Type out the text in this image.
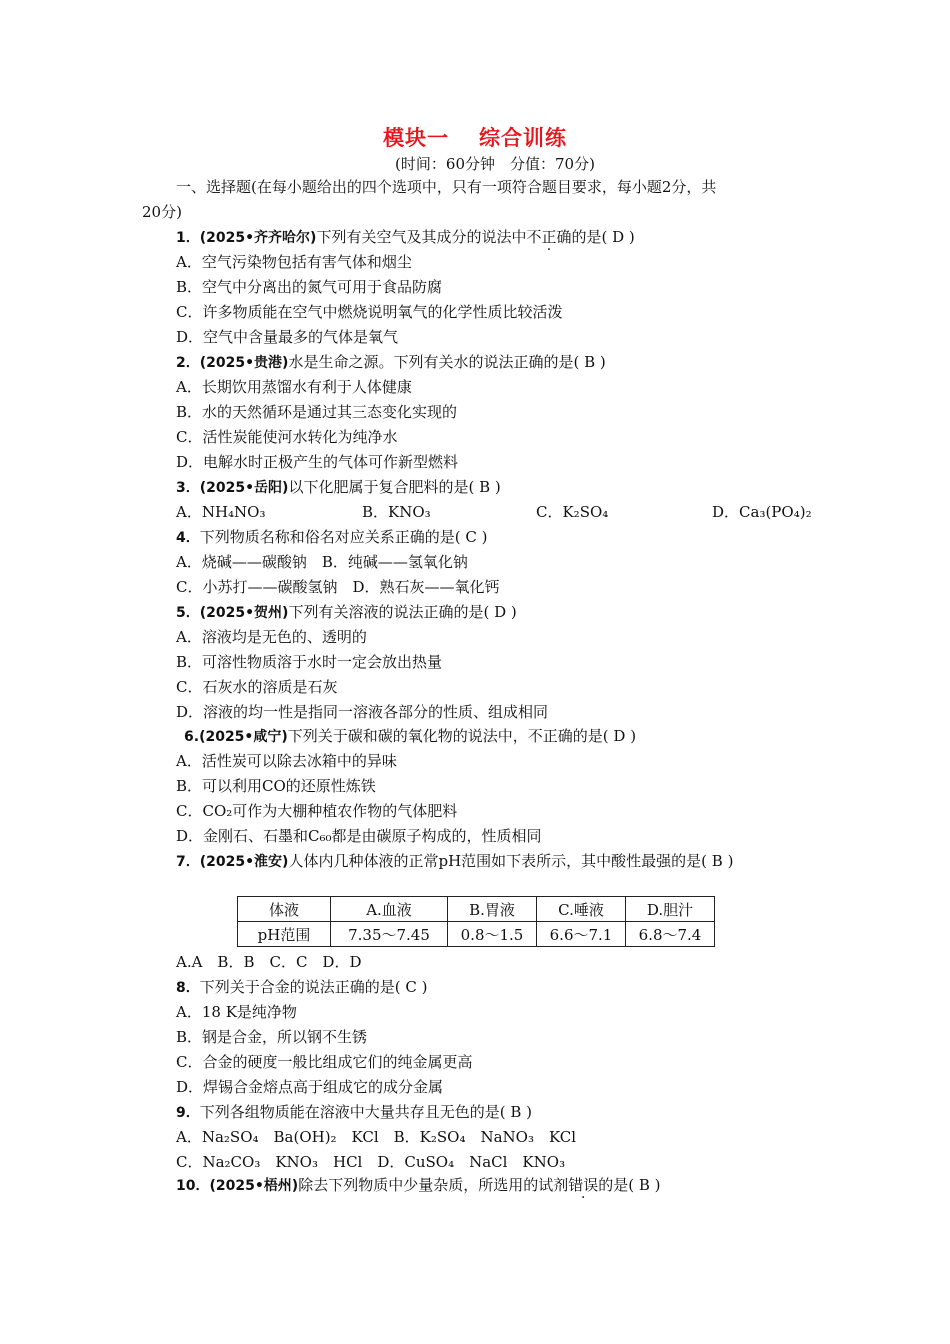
模块一 综合训练
(时间：60分钟　分值：70分)
一、选择题(在每小题给出的四个选项中，只有一项符合题目要求，每小题2分，共
20分)
1．(2025•齐齐哈尔)下列有关空气及其成分的说法中不正确的是( D )
A．空气污染物包括有害气体和烟尘
B．空气中分离出的氮气可用于食品防腐
C．许多物质能在空气中燃烧说明氧气的化学性质比较活泼
D．空气中含量最多的气体是氧气
2．(2025•贵港)水是生命之源。下列有关水的说法正确的是( B )
A．长期饮用蒸馏水有利于人体健康
B．水的天然循环是通过其三态变化实现的
C．活性炭能使河水转化为纯净水
D．电解水时正极产生的气体可作新型燃料
3．(2025•岳阳)以下化肥属于复合肥料的是( B )
A．NH₄NO₃	B．KNO₃	C．K₂SO₄	D．Ca₃(PO₄)₂
4．下列物质名称和俗名对应关系正确的是( C )
A．烧碱——碳酸钠　B．纯碱——氢氧化钠
C．小苏打——碳酸氢钠　D．熟石灰——氧化钙
5．(2025•贺州)下列有关溶液的说法正确的是( D )
A．溶液均是无色的、透明的
B．可溶性物质溶于水时一定会放出热量
C．石灰水的溶质是石灰
D．溶液的均一性是指同一溶液各部分的性质、组成相同
6.(2025•咸宁)下列关于碳和碳的氧化物的说法中，不正确的是( D )
A．活性炭可以除去冰箱中的异味
B．可以利用CO的还原性炼铁
C．CO₂可作为大棚种植农作物的气体肥料
D．金刚石、石墨和C₆₀都是由碳原子构成的，性质相同
7．(2025•淮安)人体内几种体液的正常pH范围如下表所示，其中酸性最强的是( B )
体液	A.血液	B.胃液	C.唾液	D.胆汁
pH范围	7.35～7.45	0.8～1.5	6.6～7.1	6.8～7.4
A.A　B．B　C．C　D．D
8．下列关于合金的说法正确的是( C )
A．18 K是纯净物
B．钢是合金，所以钢不生锈
C．合金的硬度一般比组成它们的纯金属更高
D．焊锡合金熔点高于组成它的成分金属
9．下列各组物质能在溶液中大量共存且无色的是( B )
A．Na₂SO₄　Ba(OH)₂　KCl　B．K₂SO₄　NaNO₃　KCl
C．Na₂CO₃　KNO₃　HCl　D．CuSO₄　NaCl　KNO₃
10．(2025•梧州)除去下列物质中少量杂质，所选用的试剂错误的是( B )
